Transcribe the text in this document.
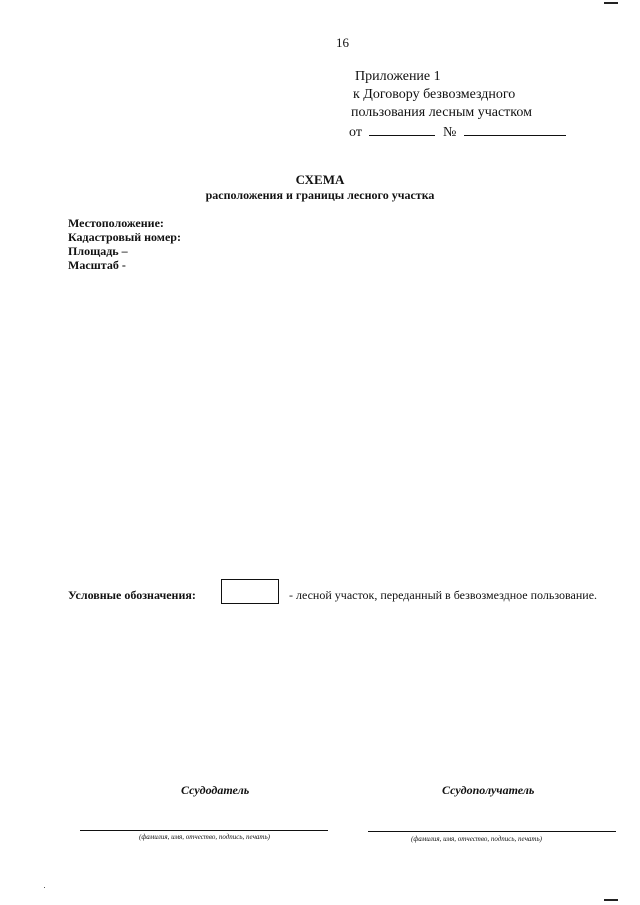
16
Приложение 1
к Договору безвозмездного
пользования лесным участком
от	№
СХЕМА
расположения и границы лесного участка
Местоположение:
Кадастровый номер:
Площадь –
Масштаб -
Условные обозначения:	- лесной участок, переданный в безвозмездное пользование.
Ссудодатель	Ссудополучатель
(фамилия, имя, отчество, подпись, печать)	(фамилия, имя, отчество, подпись, печать)
